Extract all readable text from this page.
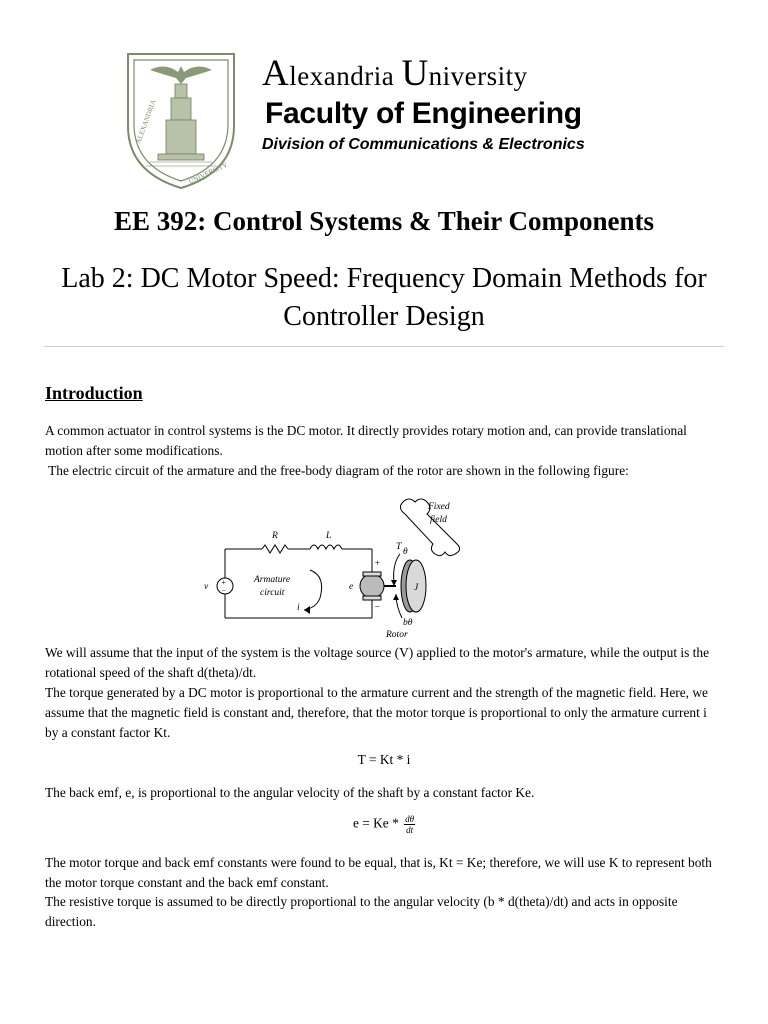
ALEXANDRIA
UNIVERSITY
Alexandria University
Faculty of Engineering
Division of Communications & Electronics
EE 392: Control Systems & Their Components
Lab 2: DC Motor Speed: Frequency Domain Methods for Controller Design
Introduction
A common actuator in control systems is the DC motor. It directly provides rotary motion and, can provide translational motion after some modifications.
The electric circuit of the armature and the free-body diagram of the rotor are shown in the following figure:
R	L
Fixed
field
T θ
v +
−
Armature
circuit
i
e
+
−
J
bθ
Rotor
We will assume that the input of the system is the voltage source (V) applied to the motor's armature, while the output is the rotational speed of the shaft d(theta)/dt.
The torque generated by a DC motor is proportional to the armature current and the strength of the magnetic field. Here, we assume that the magnetic field is constant and, therefore, that the motor torque is proportional to only the armature current i by a constant factor Kt.
T = Kt * i
The back emf, e, is proportional to the angular velocity of the shaft by a constant factor Ke.
$e = Ke * \frac{d\theta}{dt}$
The motor torque and back emf constants were found to be equal, that is, Kt = Ke; therefore, we will use K to represent both the motor torque constant and the back emf constant.
The resistive torque is assumed to be directly proportional to the angular velocity (b * d(theta)/dt) and acts in opposite direction.
